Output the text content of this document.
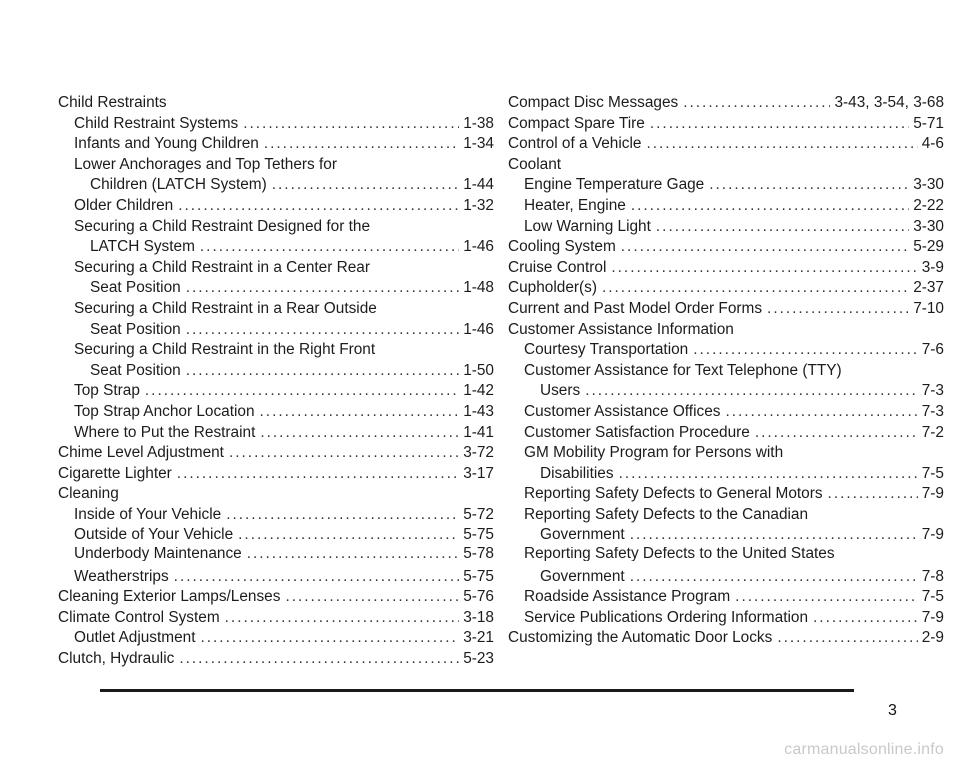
Child Restraints
Child Restraint Systems .....	1-38
Infants and Young Children .....	1-34
Lower Anchorages and Top Tethers for
Children (LATCH System) .....	1-44
Older Children .....	1-32
Securing a Child Restraint Designed for the
LATCH System .....	1-46
Securing a Child Restraint in a Center Rear
Seat Position .....	1-48
Securing a Child Restraint in a Rear Outside
Seat Position .....	1-46
Securing a Child Restraint in the Right Front
Seat Position .....	1-50
Top Strap .....	1-42
Top Strap Anchor Location .....	1-43
Where to Put the Restraint .....	1-41
Chime Level Adjustment .....	3-72
Cigarette Lighter .....	3-17
Cleaning
Inside of Your Vehicle .....	5-72
Outside of Your Vehicle .....	5-75
Underbody Maintenance .....	5-78
Weatherstrips .....	5-75
Cleaning Exterior Lamps/Lenses .....	5-76
Climate Control System .....	3-18
Outlet Adjustment .....	3-21
Clutch, Hydraulic .....	5-23
Compact Disc Messages .....	3-43, 3-54, 3-68
Compact Spare Tire .....	5-71
Control of a Vehicle .....	4-6
Coolant
Engine Temperature Gage .....	3-30
Heater, Engine .....	2-22
Low Warning Light .....	3-30
Cooling System .....	5-29
Cruise Control .....	3-9
Cupholder(s) .....	2-37
Current and Past Model Order Forms .....	7-10
Customer Assistance Information
Courtesy Transportation .....	7-6
Customer Assistance for Text Telephone (TTY)
Users .....	7-3
Customer Assistance Offices .....	7-3
Customer Satisfaction Procedure .....	7-2
GM Mobility Program for Persons with
Disabilities .....	7-5
Reporting Safety Defects to General Motors .....	7-9
Reporting Safety Defects to the Canadian
Government .....	7-9
Reporting Safety Defects to the United States
Government .....	7-8
Roadside Assistance Program .....	7-5
Service Publications Ordering Information .....	7-9
Customizing the Automatic Door Locks .....	2-9
3
carmanualsonline.info
